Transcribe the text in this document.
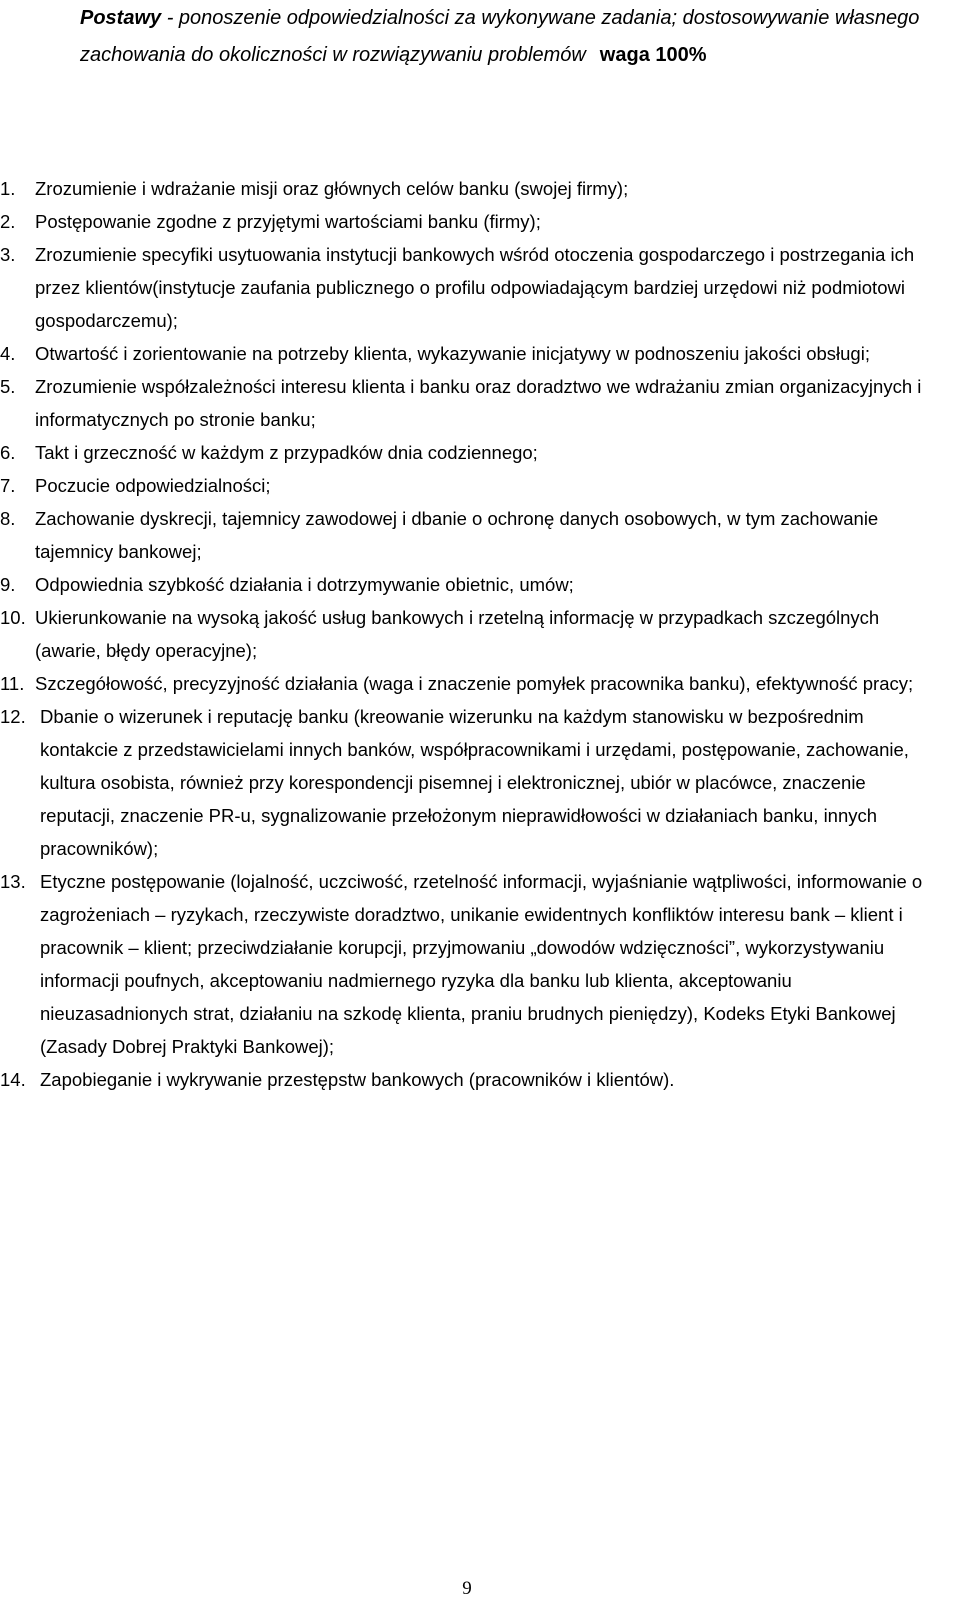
Postawy - ponoszenie odpowiedzialności za wykonywane zadania; dostosowywanie własnego zachowania do okoliczności w rozwiązywaniu problemów waga 100%
1. Zrozumienie i wdrażanie misji oraz głównych celów banku (swojej firmy);
2. Postępowanie zgodne z przyjętymi wartościami banku (firmy);
3. Zrozumienie specyfiki usytuowania instytucji bankowych wśród otoczenia gospodarczego i postrzegania ich przez klientów(instytucje zaufania publicznego o profilu odpowiadającym bardziej urzędowi niż podmiotowi gospodarczemu);
4. Otwartość i zorientowanie na potrzeby klienta, wykazywanie inicjatywy w podnoszeniu jakości obsługi;
5. Zrozumienie współzależności interesu klienta i banku oraz doradztwo we wdrażaniu zmian organizacyjnych i informatycznych po stronie banku;
6. Takt i grzeczność w każdym z przypadków dnia codziennego;
7. Poczucie odpowiedzialności;
8. Zachowanie dyskrecji, tajemnicy zawodowej i dbanie o ochronę danych osobowych, w tym zachowanie tajemnicy bankowej;
9. Odpowiednia szybkość działania i dotrzymywanie obietnic, umów;
10. Ukierunkowanie na wysoką jakość usług bankowych i rzetelną informację w przypadkach szczególnych (awarie, błędy operacyjne);
11. Szczegółowość, precyzyjność działania (waga i znaczenie pomyłek pracownika banku), efektywność pracy;
12. Dbanie o wizerunek i reputację banku (kreowanie wizerunku na każdym stanowisku w bezpośrednim kontakcie z przedstawicielami innych banków, współpracownikami i urzędami, postępowanie, zachowanie, kultura osobista, również przy korespondencji pisemnej i elektronicznej, ubiór w placówce, znaczenie reputacji, znaczenie PR-u, sygnalizowanie przełożonym nieprawidłowości w działaniach banku, innych pracowników);
13. Etyczne postępowanie (lojalność, uczciwość, rzetelność informacji, wyjaśnianie wątpliwości, informowanie o zagrożeniach – ryzykach, rzeczywiste doradztwo, unikanie ewidentnych konfliktów interesu bank – klient i pracownik – klient; przeciwdziałanie korupcji, przyjmowaniu „dowodów wdzięczności”, wykorzystywaniu informacji poufnych, akceptowaniu nadmiernego ryzyka dla banku lub klienta, akceptowaniu nieuzasadnionych strat, działaniu na szkodę klienta, praniu brudnych pieniędzy), Kodeks Etyki Bankowej (Zasady Dobrej Praktyki Bankowej);
14. Zapobieganie i wykrywanie przestępstw bankowych (pracowników i klientów).
9
